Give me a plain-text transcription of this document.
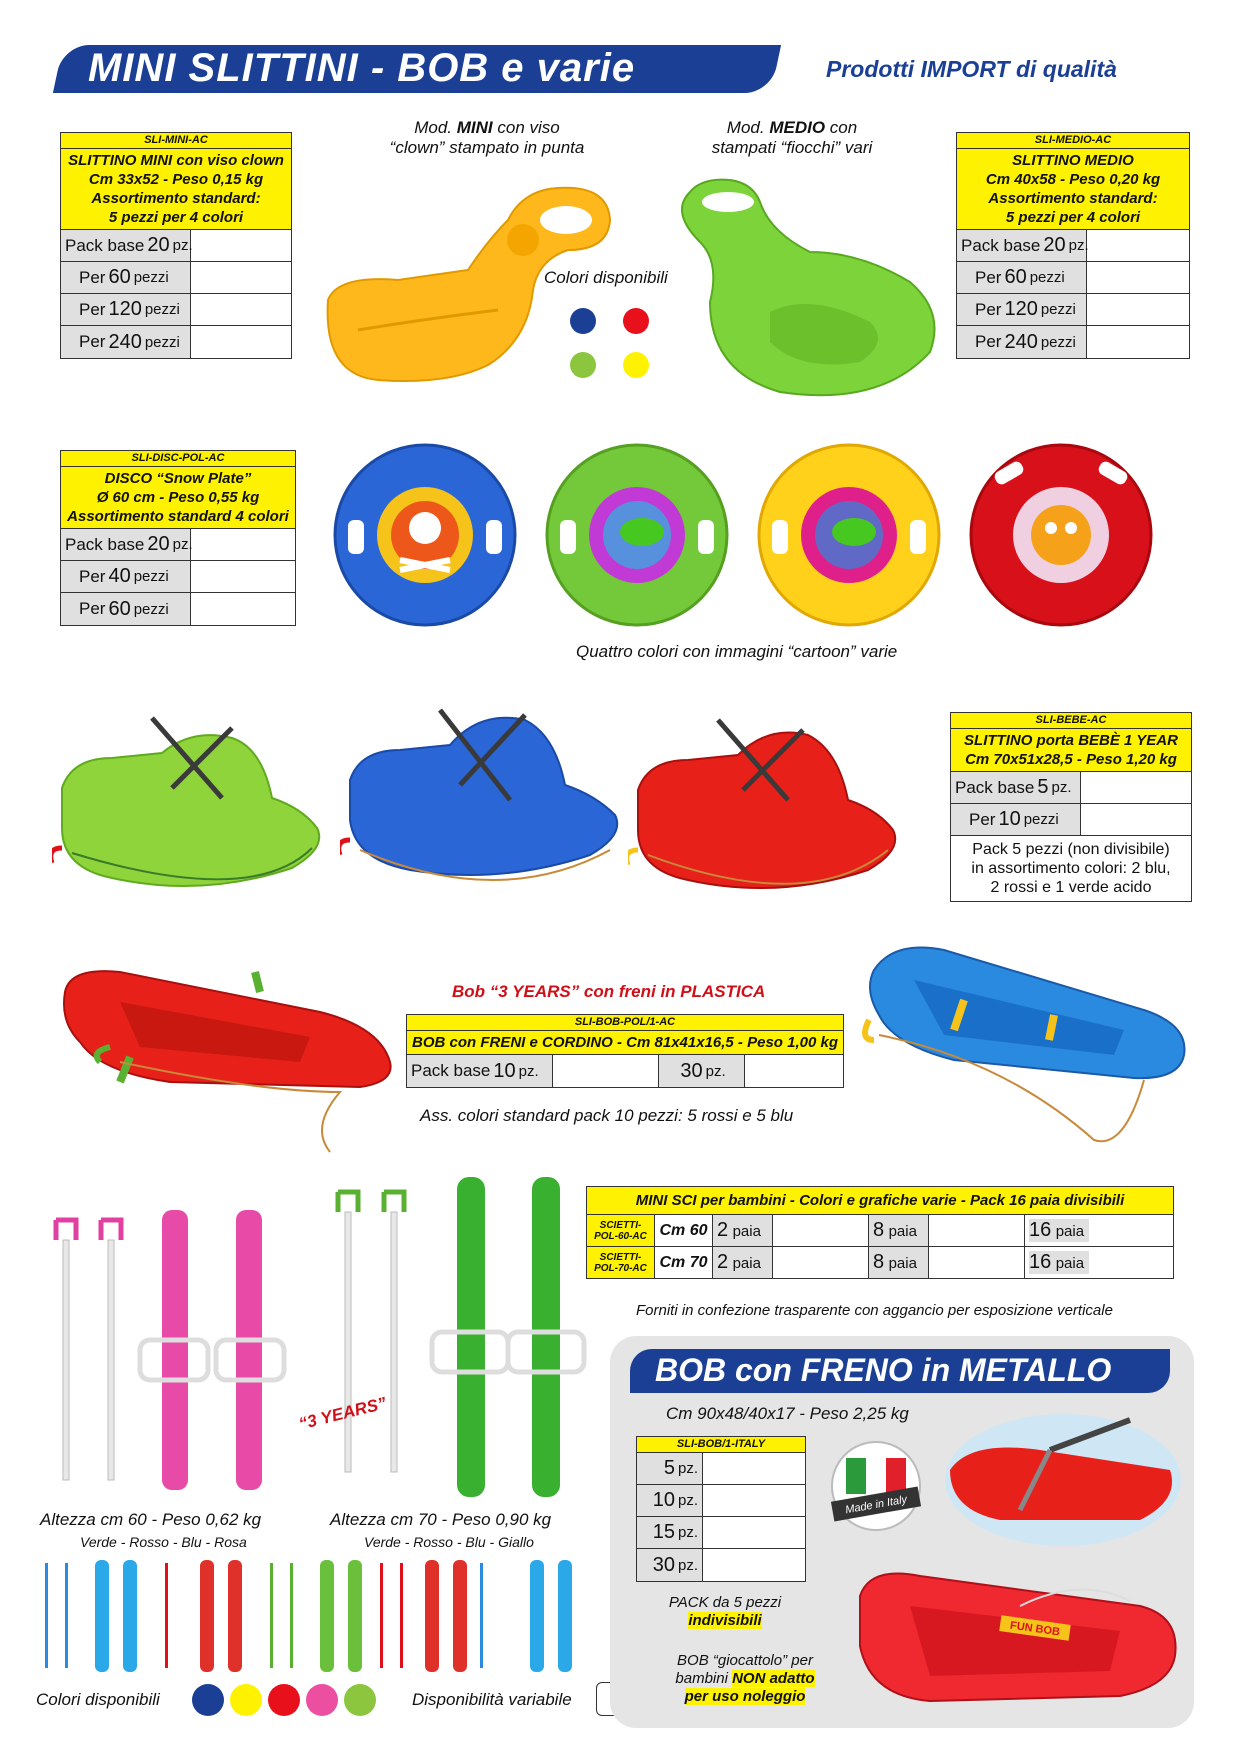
MINI SLITTINI - BOB e varie	Prodotti IMPORT di qualità
SLI-MINI-AC
SLITTINO MINI con viso clown
Cm 33x52 - Peso 0,15 kg
Assortimento standard:
5 pezzi per 4 colori
Pack base 20 pz.
Per 60 pezzi
Per 120 pezzi
Per 240 pezzi
SLI-MEDIO-AC
SLITTINO MEDIO
Cm 40x58 - Peso 0,20 kg
Assortimento standard:
5 pezzi per 4 colori
Pack base 20 pz.
Per 60 pezzi
Per 120 pezzi
Per 240 pezzi
Mod. MINI con viso
“clown” stampato in punta
Mod. MEDIO con
stampati “fiocchi” vari
Colori disponibili
SLI-DISC-POL-AC
DISCO “Snow Plate”
Ø 60 cm - Peso 0,55 kg
Assortimento standard 4 colori
Pack base 20 pz.
Per 40 pezzi
Per 60 pezzi
Quattro colori con immagini “cartoon” varie
SLI-BEBE-AC
SLITTINO porta BEBÈ 1 YEAR
Cm 70x51x28,5 - Peso 1,20 kg
Pack base 5 pz.
Per 10 pezzi
Pack 5 pezzi (non divisibile)
in assortimento colori: 2 blu,
2 rossi e 1 verde acido
Bob “3 YEARS” con freni in PLASTICA
SLI-BOB-POL/1-AC
BOB con FRENI e CORDINO - Cm 81x41x16,5 - Peso 1,00 kg
Pack base 10 pz.	30 pz.
Ass. colori standard pack 10 pezzi: 5 rossi e 5 blu
MINI SCI per bambini - Colori e grafiche varie - Pack 16 paia divisibili						

SCIETTI-
POL-60-AC	Cm 60	2 paia		8 paia		16 paia

SCIETTI-
POL-70-AC	Cm 70	2 paia		8 paia		16 paia
Forniti in confezione trasparente con aggancio per esposizione verticale
“3 YEARS”
Altezza cm 60 - Peso 0,62 kg
Verde - Rosso - Blu - Rosa
Altezza cm 70 - Peso 0,90 kg
Verde - Rosso - Blu - Giallo
Colori disponibili	Disponibilità variabile
BOB con FRENO in METALLO
Cm 90x48/40x17 - Peso 2,25 kg
SLI-BOB/1-ITALY
5 pz.
10 pz.
15 pz.
30 pz.
PACK da 5 pezzi
indivisibili
BOB “giocattolo” per
bambini NON adatto
per uso noleggio
Made in Italy
FUN BOB
